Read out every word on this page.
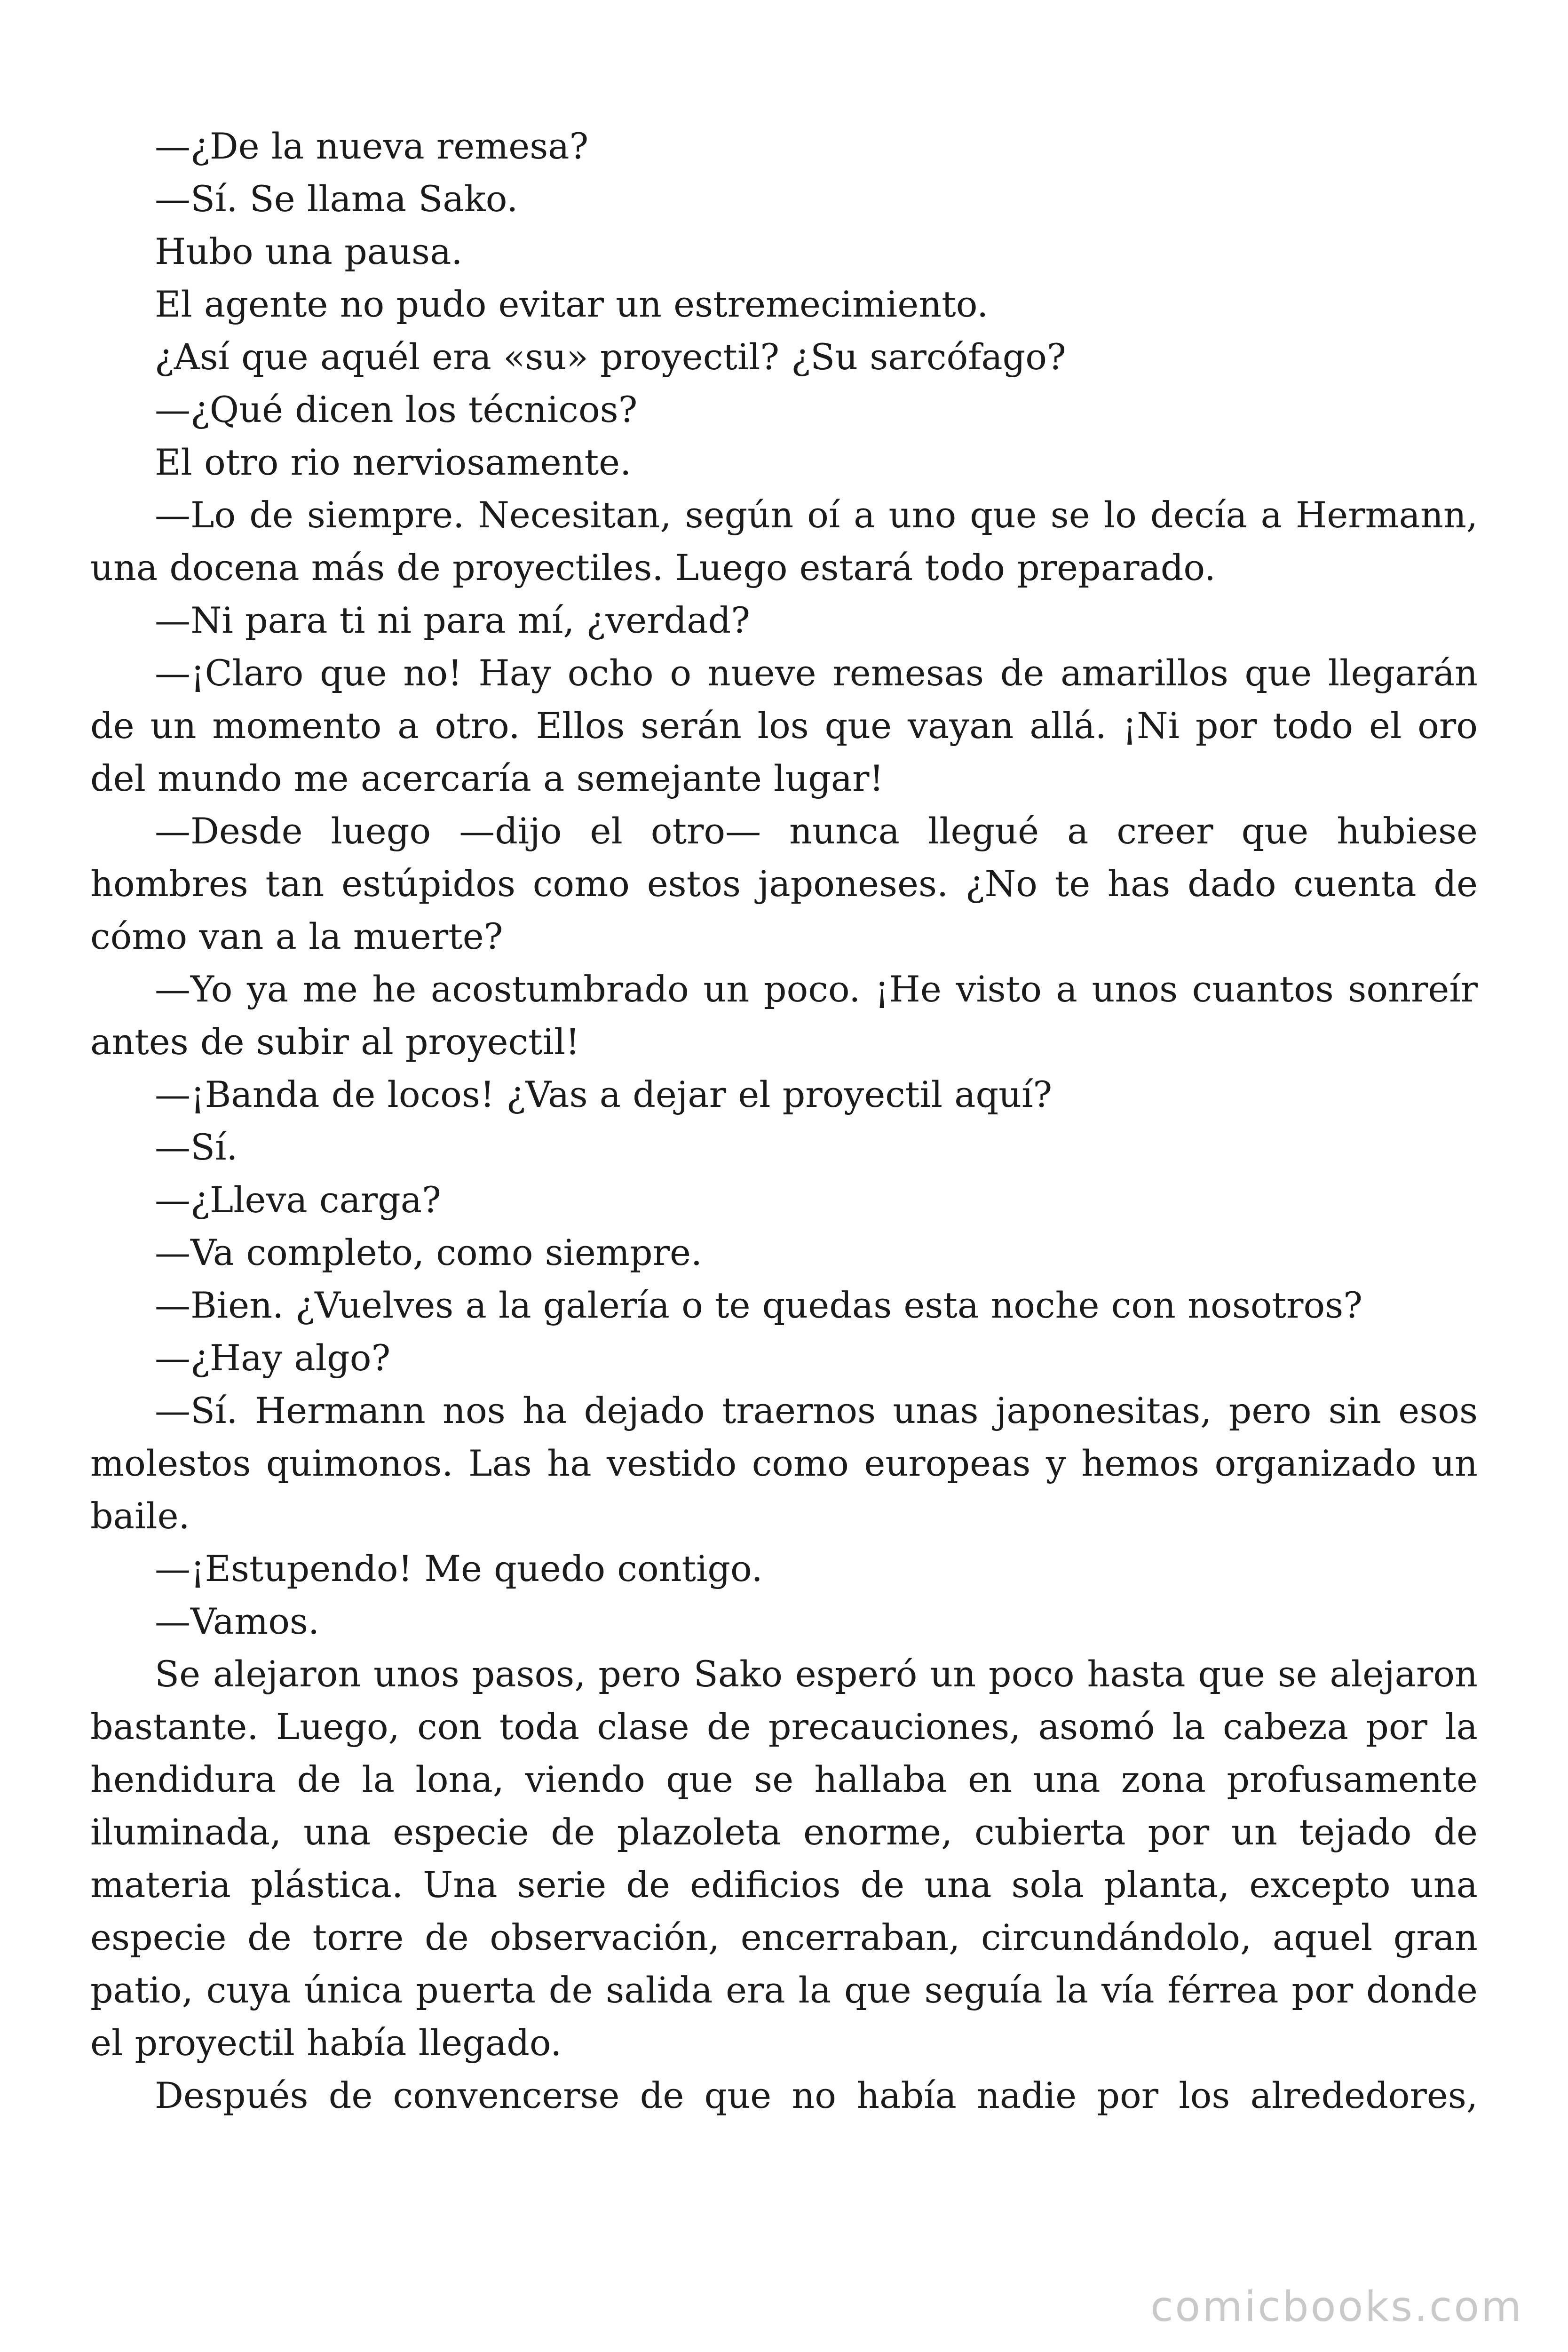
—¿De la nueva remesa?

—Sí. Se llama Sako.

Hubo una pausa.

El agente no pudo evitar un estremecimiento.

¿Así que aquél era «su» proyectil? ¿Su sarcófago?

—¿Qué dicen los técnicos?

El otro rio nerviosamente.

—Lo de siempre. Necesitan, según oí a uno que se lo decía a Hermann, una docena más de proyectiles. Luego estará todo preparado.

—Ni para ti ni para mí, ¿verdad?

—¡Claro que no! Hay ocho o nueve remesas de amarillos que llegarán de un momento a otro. Ellos serán los que vayan allá. ¡Ni por todo el oro del mundo me acercaría a semejante lugar!

—Desde luego —dijo el otro— nunca llegué a creer que hubiese hombres tan estúpidos como estos japoneses. ¿No te has dado cuenta de cómo van a la muerte?

—Yo ya me he acostumbrado un poco. ¡He visto a unos cuantos sonreír antes de subir al proyectil!

—¡Banda de locos! ¿Vas a dejar el proyectil aquí?

—Sí.

—¿Lleva carga?

—Va completo, como siempre.

—Bien. ¿Vuelves a la galería o te quedas esta noche con nosotros?

—¿Hay algo?

—Sí. Hermann nos ha dejado traernos unas japonesitas, pero sin esos molestos quimonos. Las ha vestido como europeas y hemos organizado un baile.

—¡Estupendo! Me quedo contigo.

—Vamos.

Se alejaron unos pasos, pero Sako esperó un poco hasta que se alejaron bastante. Luego, con toda clase de precauciones, asomó la cabeza por la hendidura de la lona, viendo que se hallaba en una zona profusamente iluminada, una especie de plazoleta enorme, cubierta por un tejado de materia plástica. Una serie de edificios de una sola planta, excepto una especie de torre de observación, encerraban, circundándolo, aquel gran patio, cuya única puerta de salida era la que seguía la vía férrea por donde el proyectil había llegado.

Después de convencerse de que no había nadie por los alrededores,

comicbooks.com
